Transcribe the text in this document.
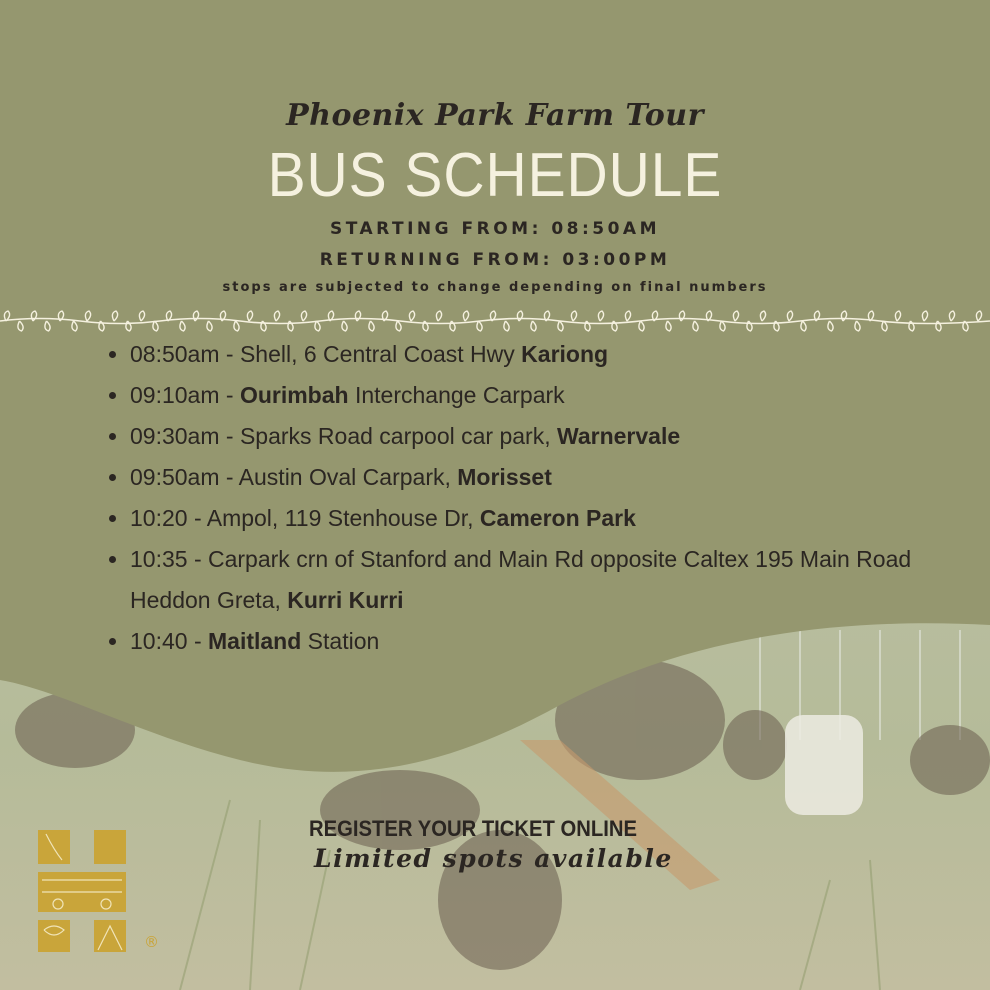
Phoenix Park Farm Tour
BUS SCHEDULE
STARTING FROM: 08:50AM
RETURNING FROM: 03:00PM
stops are subjected to change depending on final numbers
• 08:50am - Shell, 6 Central Coast Hwy Kariong
• 09:10am - Ourimbah Interchange Carpark
• 09:30am - Sparks Road carpool car park, Warnervale
• 09:50am - Austin Oval Carpark, Morisset
• 10:20 - Ampol, 119 Stenhouse Dr, Cameron Park
• 10:35 - Carpark crn of Stanford and Main Rd opposite Caltex 195 Main Road Heddon Greta, Kurri Kurri
• 10:40 - Maitland Station
REGISTER YOUR TICKET ONLINE
Limited spots available
®
